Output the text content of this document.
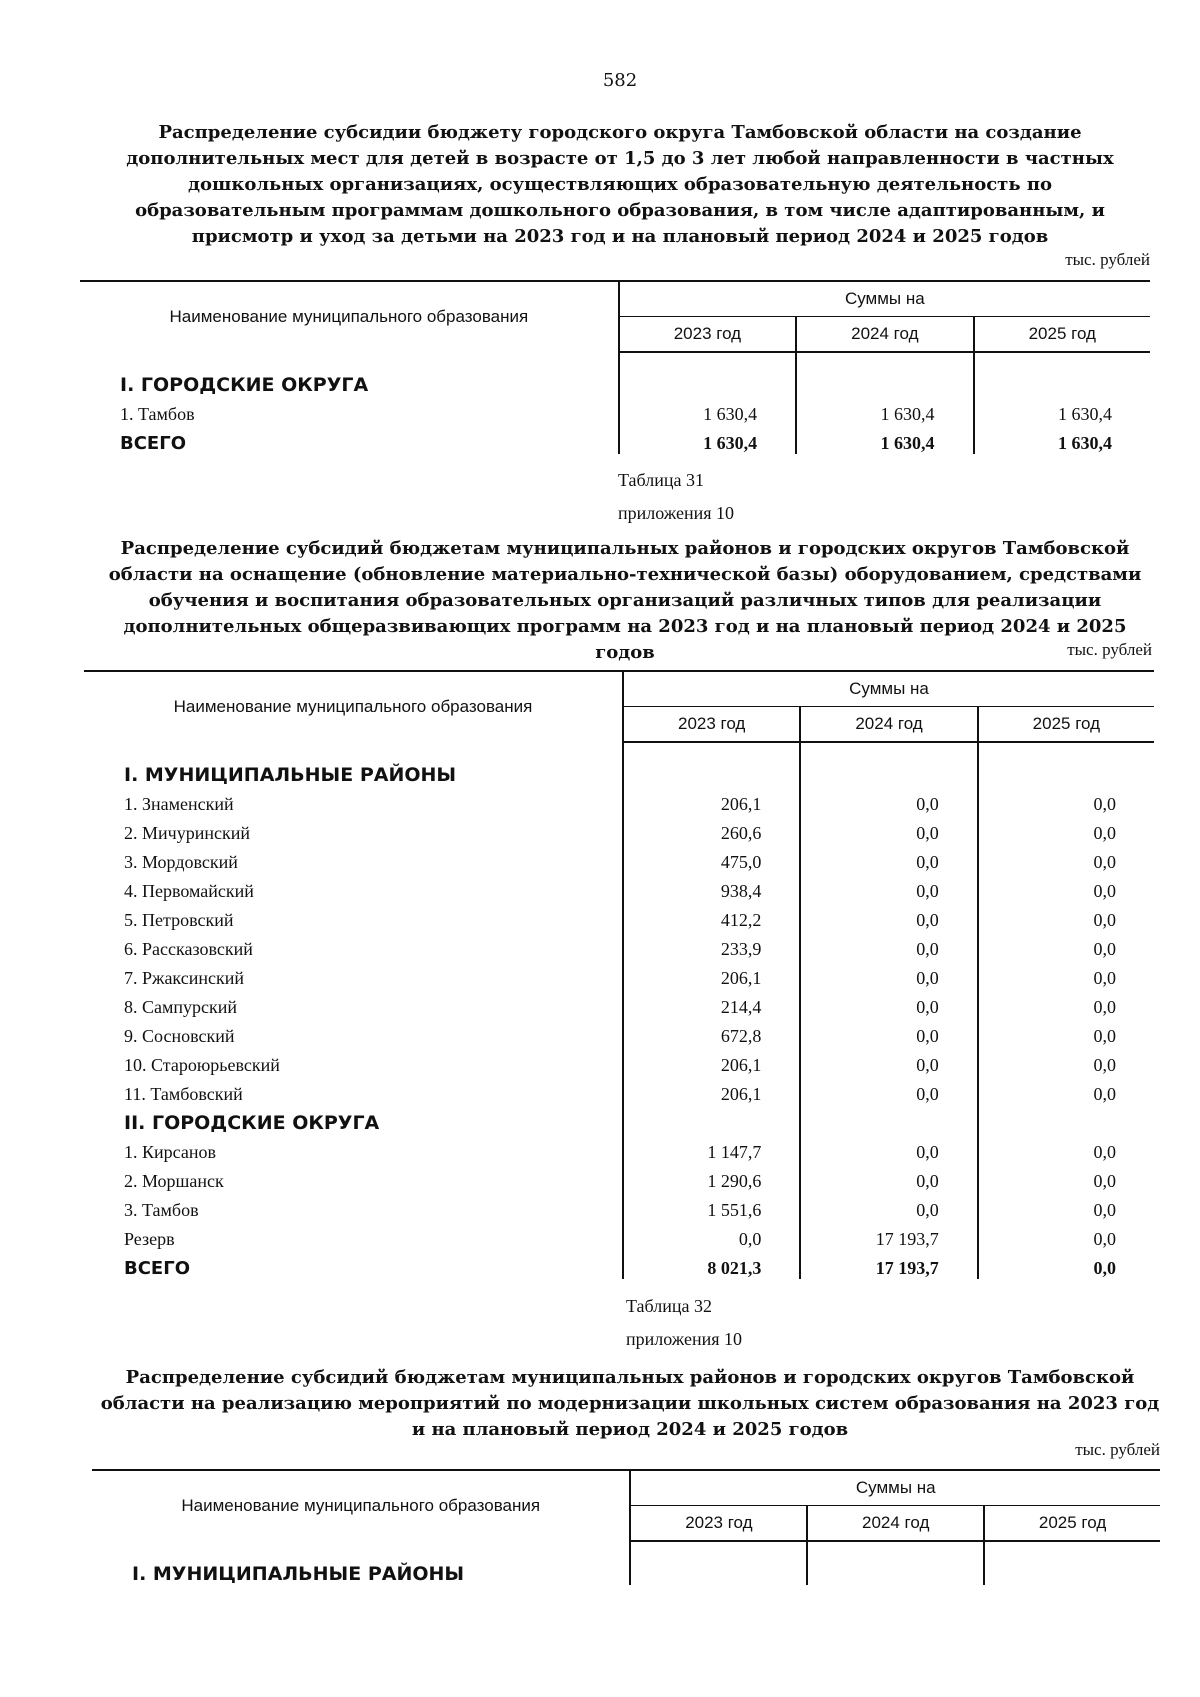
582
Распределение субсидии бюджету городского округа Тамбовской области на создание дополнительных мест для детей в возрасте от 1,5 до 3 лет любой направленности в частных дошкольных организациях, осуществляющих образовательную деятельность по образовательным программам дошкольного образования, в том числе адаптированным, и присмотр и уход за детьми на 2023 год и на плановый период 2024 и 2025 годов
тыс. рублей
Наименование муниципального образования	Суммы на		
	2023 год	2024 год	2025 год
I. ГОРОДСКИЕ ОКРУГА			
1. Тамбов	1 630,4	1 630,4	1 630,4
ВСЕГО	1 630,4	1 630,4	1 630,4
Таблица 31
приложения 10
Распределение субсидий бюджетам муниципальных районов и городских округов Тамбовской области на оснащение (обновление материально-технической базы) оборудованием, средствами обучения и воспитания образовательных организаций различных типов для реализации дополнительных общеразвивающих программ на 2023 год и на плановый период 2024 и 2025 годов	тыс. рублей
Наименование муниципального образования	Суммы на		
	2023 год	2024 год	2025 год
I. МУНИЦИПАЛЬНЫЕ РАЙОНЫ			
1. Знаменский	206,1	0,0	0,0
2. Мичуринский	260,6	0,0	0,0
3. Мордовский	475,0	0,0	0,0
4. Первомайский	938,4	0,0	0,0
5. Петровский	412,2	0,0	0,0
6. Рассказовский	233,9	0,0	0,0
7. Ржаксинский	206,1	0,0	0,0
8. Сампурский	214,4	0,0	0,0
9. Сосновский	672,8	0,0	0,0
10. Староюрьевский	206,1	0,0	0,0
11. Тамбовский	206,1	0,0	0,0
II. ГОРОДСКИЕ ОКРУГА			
1. Кирсанов	1 147,7	0,0	0,0
2. Моршанск	1 290,6	0,0	0,0
3. Тамбов	1 551,6	0,0	0,0
Резерв	0,0	17 193,7	0,0
ВСЕГО	8 021,3	17 193,7	0,0
Таблица 32
приложения 10
Распределение субсидий бюджетам муниципальных районов и городских округов Тамбовской области на реализацию мероприятий по модернизации школьных систем образования на 2023 год и на плановый период 2024 и 2025 годов
тыс. рублей
Наименование муниципального образования	Суммы на		
	2023 год	2024 год	2025 год
I. МУНИЦИПАЛЬНЫЕ РАЙОНЫ			
